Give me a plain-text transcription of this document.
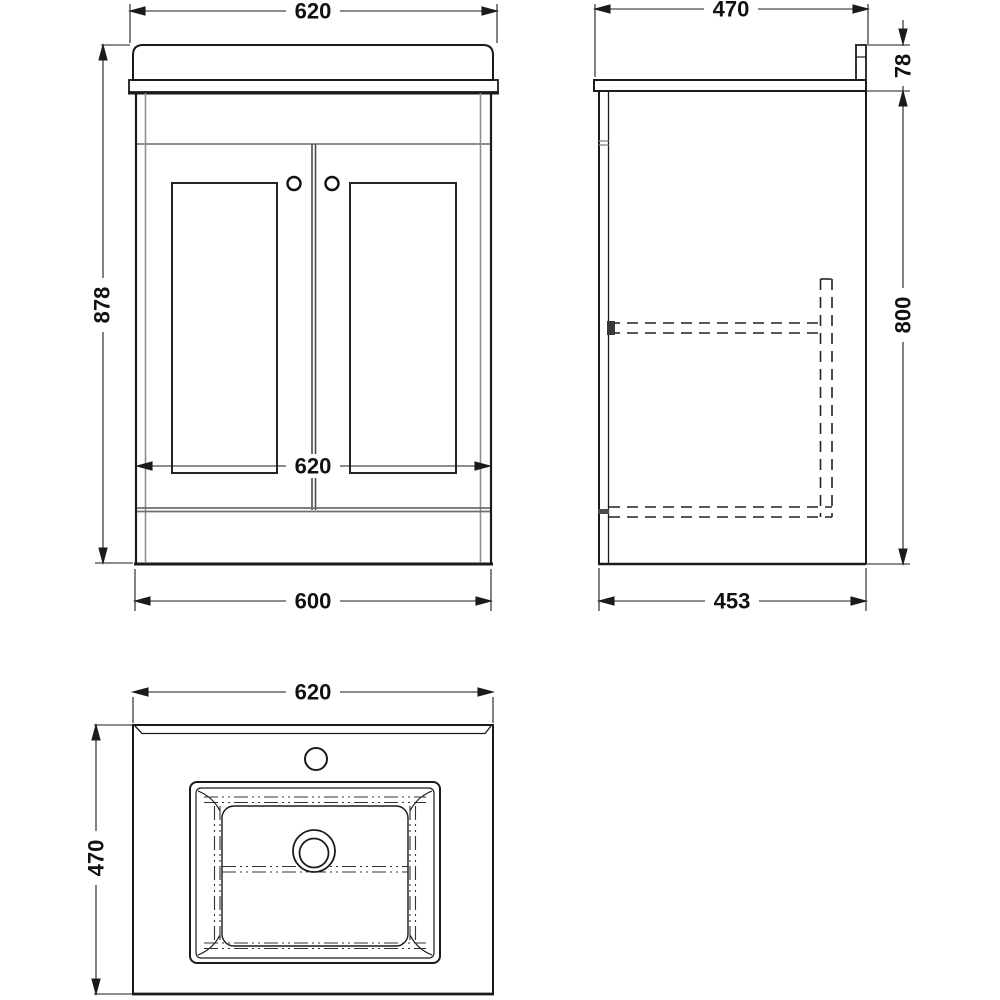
620
878
620
600
470
78
800
453
620
470
